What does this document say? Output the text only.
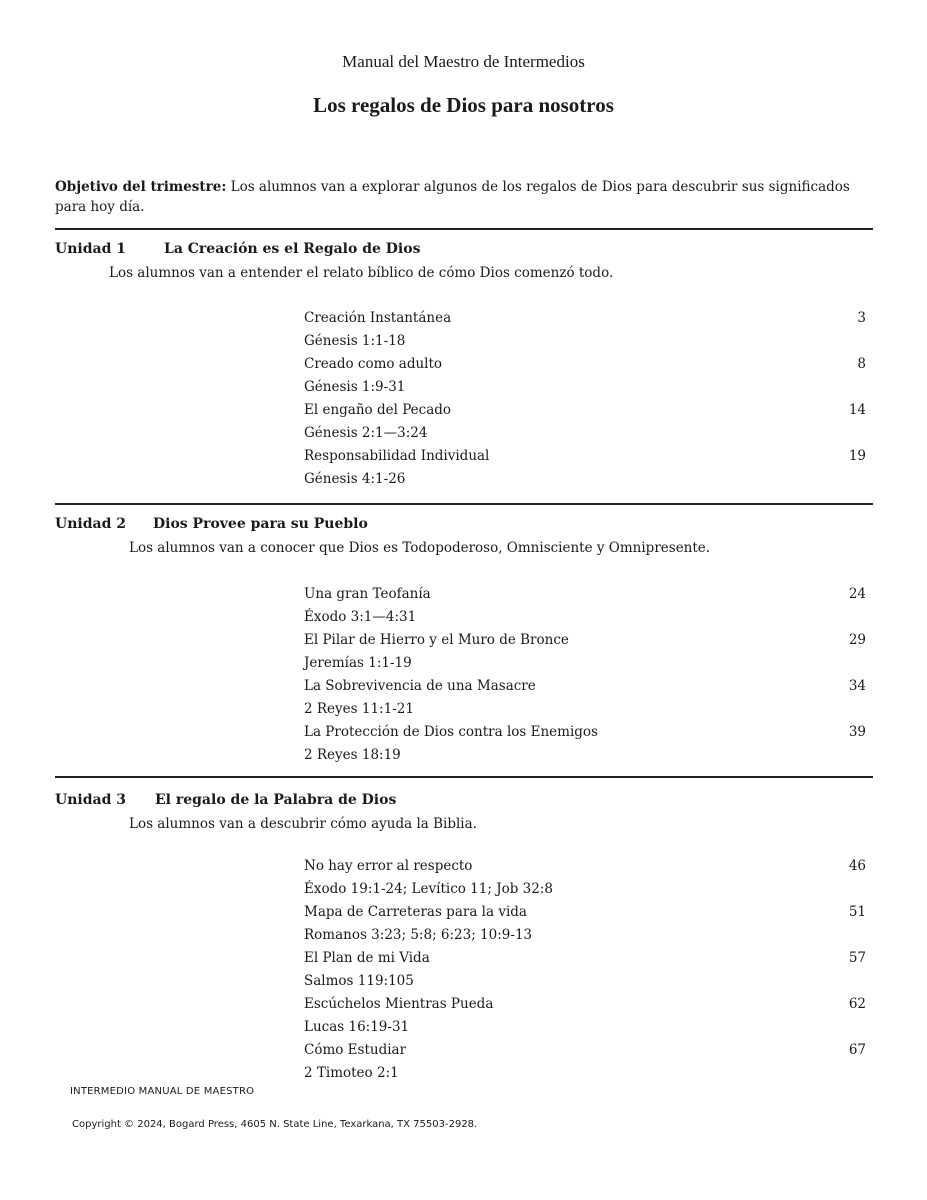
Manual del Maestro de Intermedios
Los regalos de Dios para nosotros
Objetivo del trimestre: Los alumnos van a explorar algunos de los regalos de Dios para descubrir sus significados para hoy día.
Unidad 1	La Creación es el Regalo de Dios
Los alumnos van a entender el relato bíblico de cómo Dios comenzó todo.
Creación Instantánea	3
Génesis 1:1-18
Creado como adulto	8
Génesis 1:9-31
El engaño del Pecado	14
Génesis 2:1—3:24
Responsabilidad Individual	19
Génesis 4:1-26
Unidad 2 Dios Provee para su Pueblo
Los alumnos van a conocer que Dios es Todopoderoso, Omnisciente y Omnipresente.
Una gran Teofanía	24
Éxodo 3:1—4:31
El Pilar de Hierro y el Muro de Bronce	29
Jeremías 1:1-19
La Sobrevivencia de una Masacre	34
2 Reyes 11:1-21
La Protección de Dios contra los Enemigos	39
2 Reyes 18:19
Unidad 3 El regalo de la Palabra de Dios
Los alumnos van a descubrir cómo ayuda la Biblia.
No hay error al respecto	46
Éxodo 19:1-24; Levítico 11; Job 32:8
Mapa de Carreteras para la vida	51
Romanos 3:23; 5:8; 6:23; 10:9-13
El Plan de mi Vida	57
Salmos 119:105
Escúchelos Mientras Pueda	62
Lucas 16:19-31
Cómo Estudiar	67
2 Timoteo 2:1
INTERMEDIO MANUAL DE MAESTRO
Copyright © 2024, Bogard Press, 4605 N. State Line, Texarkana, TX 75503-2928.
